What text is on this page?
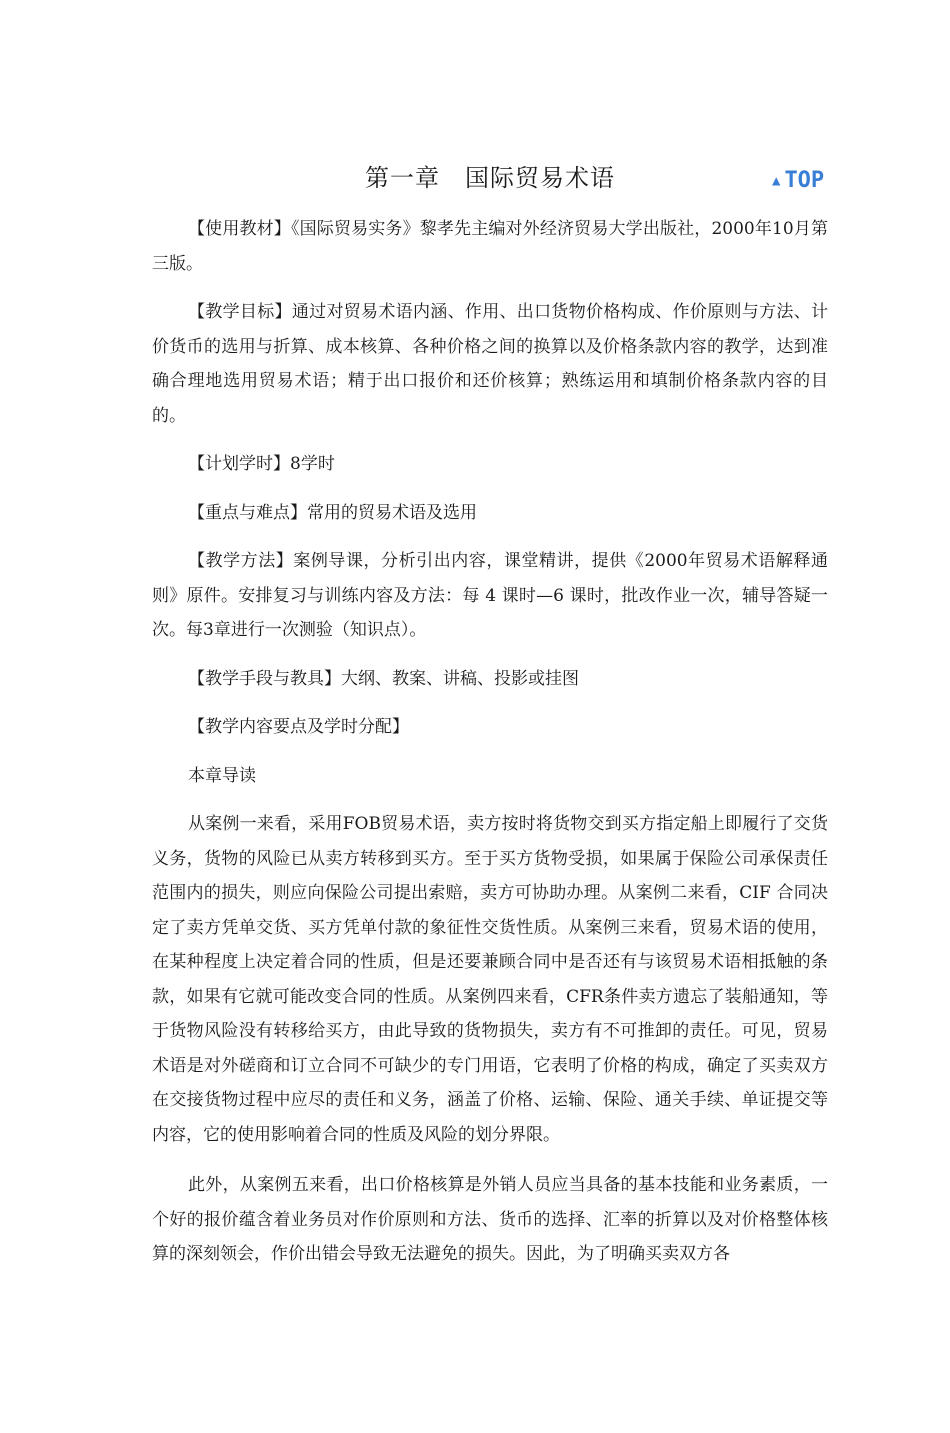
第一章　国际贸易术语	▲ TOP

【使用教材】《国际贸易实务》黎孝先主编对外经济贸易大学出版社，2000年10月第三版。

【教学目标】通过对贸易术语内涵、作用、出口货物价格构成、作价原则与方法、计价货币的选用与折算、成本核算、各种价格之间的换算以及价格条款内容的教学，达到准确合理地选用贸易术语；精于出口报价和还价核算；熟练运用和填制价格条款内容的目的。

【计划学时】8学时

【重点与难点】常用的贸易术语及选用

【教学方法】案例导课，分析引出内容，课堂精讲，提供《2000年贸易术语解释通则》原件。安排复习与训练内容及方法：每 4 课时—6 课时，批改作业一次，辅导答疑一次。每3章进行一次测验（知识点）。

【教学手段与教具】大纲、教案、讲稿、投影或挂图

【教学内容要点及学时分配】

本章导读

从案例一来看，采用FOB贸易术语，卖方按时将货物交到买方指定船上即履行了交货义务，货物的风险已从卖方转移到买方。至于买方货物受损，如果属于保险公司承保责任范围内的损失，则应向保险公司提出索赔，卖方可协助办理。从案例二来看，CIF 合同决定了卖方凭单交货、买方凭单付款的象征性交货性质。从案例三来看，贸易术语的使用，在某种程度上决定着合同的性质，但是还要兼顾合同中是否还有与该贸易术语相抵触的条款，如果有它就可能改变合同的性质。从案例四来看，CFR条件卖方遗忘了装船通知，等于货物风险没有转移给买方，由此导致的货物损失，卖方有不可推卸的责任。可见，贸易术语是对外磋商和订立合同不可缺少的专门用语，它表明了价格的构成，确定了买卖双方在交接货物过程中应尽的责任和义务，涵盖了价格、运输、保险、通关手续、单证提交等内容，它的使用影响着合同的性质及风险的划分界限。

此外，从案例五来看，出口价格核算是外销人员应当具备的基本技能和业务素质，一个好的报价蕴含着业务员对作价原则和方法、货币的选择、汇率的折算以及对价格整体核算的深刻领会，作价出错会导致无法避免的损失。因此，为了明确买卖双方各
